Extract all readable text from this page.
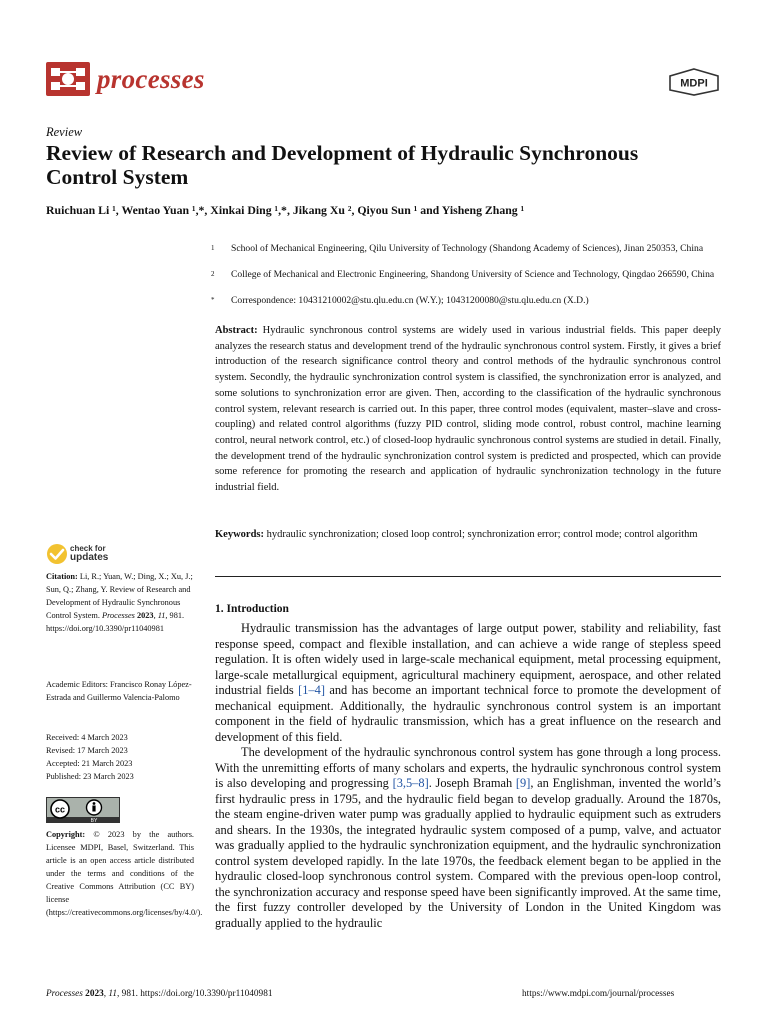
processes	MDPI
Review
Review of Research and Development of Hydraulic Synchronous Control System
Ruichuan Li ¹, Wentao Yuan ¹,*, Xinkai Ding ¹,*, Jikang Xu ², Qiyou Sun ¹ and Yisheng Zhang ¹
1	School of Mechanical Engineering, Qilu University of Technology (Shandong Academy of Sciences), Jinan 250353, China
2	College of Mechanical and Electronic Engineering, Shandong University of Science and Technology, Qingdao 266590, China
*	Correspondence: 10431210002@stu.qlu.edu.cn (W.Y.); 10431200080@stu.qlu.edu.cn (X.D.)
Abstract: Hydraulic synchronous control systems are widely used in various industrial fields. This paper deeply analyzes the research status and development trend of the hydraulic synchronous control system. Firstly, it gives a brief introduction of the research significance control theory and control methods of the hydraulic synchronous control system. Secondly, the hydraulic synchronization control system is classified, the synchronization error is analyzed, and some solutions to synchronization error are given. Then, according to the classification of the hydraulic synchronous control system, relevant research is carried out. In this paper, three control modes (equivalent, master–slave and cross-coupling) and related control algorithms (fuzzy PID control, sliding mode control, robust control, machine learning control, neural network control, etc.) of closed-loop hydraulic synchronous control systems are studied in detail. Finally, the development trend of the hydraulic synchronization control system is predicted and prospected, which can provide some reference for promoting the research and application of hydraulic synchronization technology in the future industrial field.
Keywords: hydraulic synchronization; closed loop control; synchronization error; control mode; control algorithm
1. Introduction

Hydraulic transmission has the advantages of large output power, stability and reliability, fast response speed, compact and flexible installation, and can achieve a wide range of stepless speed regulation. It is often widely used in large-scale mechanical equipment, metal processing equipment, large-scale metallurgical equipment, agricultural machinery equipment, aerospace, and other related industrial fields [1–4] and has become an important technical force to promote the development of mechanical equipment. Additionally, the hydraulic synchronous control system is an important component in the field of hydraulic transmission, which has a great influence on the research and development of this field.

The development of the hydraulic synchronous control system has gone through a long process. With the unremitting efforts of many scholars and experts, the hydraulic synchronous control system is also developing and progressing [3,5–8]. Joseph Bramah [9], an Englishman, invented the world’s first hydraulic press in 1795, and the hydraulic field began to develop gradually. Around the 1870s, the steam engine-driven water pump was gradually applied to hydraulic equipment such as extruders and shears. In the 1930s, the integrated hydraulic system composed of a pump, valve, and actuator was gradually applied to the hydraulic synchronization equipment, and the hydraulic synchronization control system developed rapidly. In the late 1970s, the feedback element began to be applied in the hydraulic closed-loop synchronous control system. Compared with the previous open-loop control, the synchronization accuracy and response speed have been significantly improved. At the same time, the first fuzzy controller developed by the University of London in the United Kingdom was gradually applied to the hydraulic

check for
updates
Citation: Li, R.; Yuan, W.; Ding, X.; Xu, J.; Sun, Q.; Zhang, Y. Review of Research and Development of Hydraulic Synchronous Control System. Processes 2023, 11, 981. https://doi.org/10.3390/pr11040981
Academic Editors: Francisco Ronay López-Estrada and Guillermo Valencia-Palomo
Received: 4 March 2023
Revised: 17 March 2023
Accepted: 21 March 2023
Published: 23 March 2023
cc
BY
Copyright: © 2023 by the authors. Licensee MDPI, Basel, Switzerland. This article is an open access article distributed under the terms and conditions of the Creative Commons Attribution (CC BY) license (https://creativecommons.org/licenses/by/4.0/).
Processes 2023, 11, 981. https://doi.org/10.3390/pr11040981	https://www.mdpi.com/journal/processes
